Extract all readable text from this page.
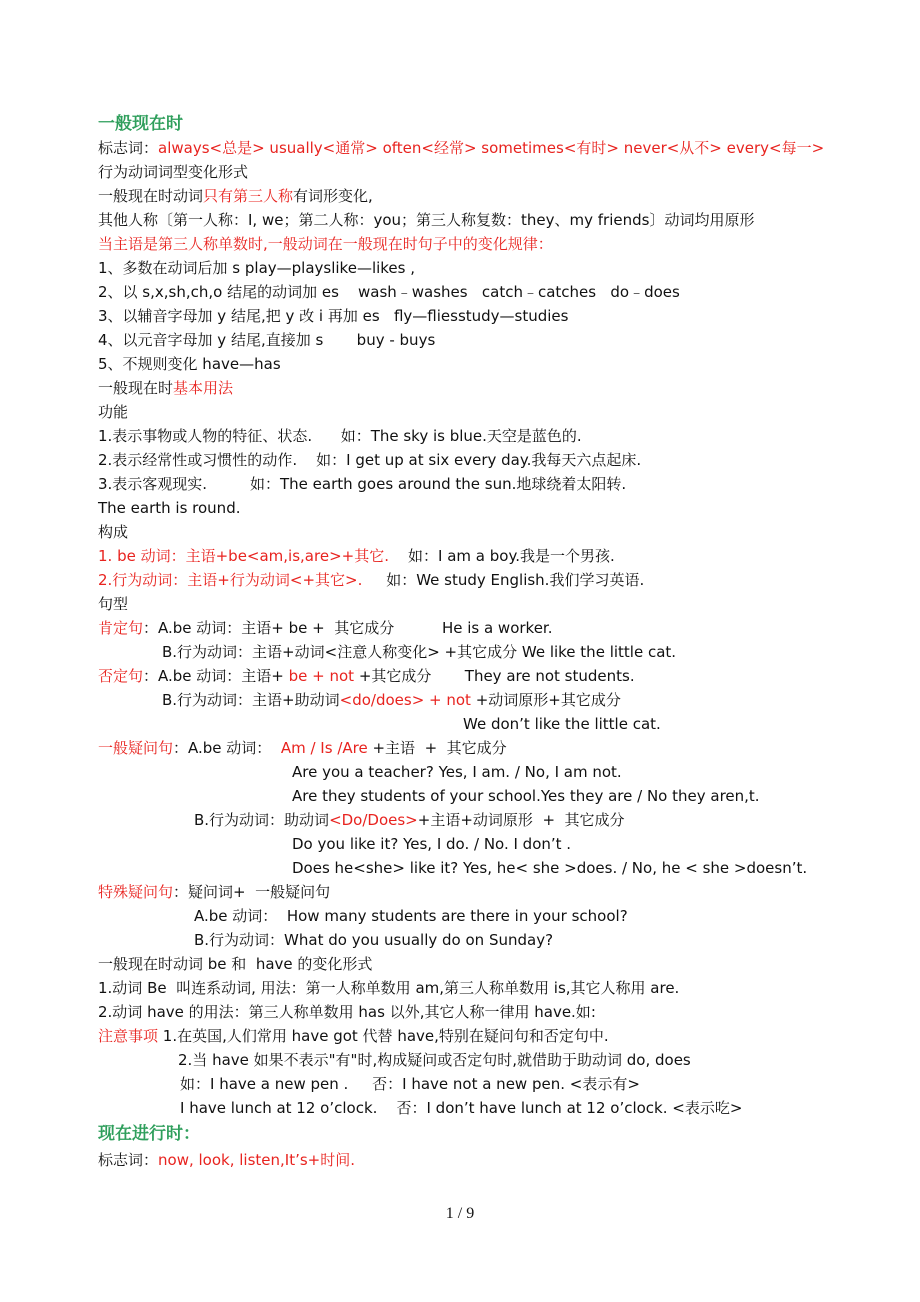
一般现在时
标志词：always<总是> usually<通常> often<经常> sometimes<有时> never<从不> every<每一>
行为动词词型变化形式
一般现在时动词只有第三人称有词形变化,
其他人称〔第一人称：I, we；第二人称：you；第三人称复数：they、my friends〕动词均用原形
当主语是第三人称单数时,一般动词在一般现在时句子中的变化规律：
1、多数在动词后加 s play—playslike—likes ,
2、以 s,x,sh,ch,o 结尾的动词加 es    wash﹣washes   catch﹣catches   do﹣does
3、以辅音字母加 y 结尾,把 y 改 i 再加 es   fly—fliesstudy—studies
4、以元音字母加 y 结尾,直接加 s       buy - buys
5、不规则变化 have—has
一般现在时基本用法
功能
1.表示事物或人物的特征、状态.      如：The sky is blue.天空是蓝色的.
2.表示经常性或习惯性的动作.    如：I get up at six every day.我每天六点起床.
3.表示客观现实.         如：The earth goes around the sun.地球绕着太阳转.
The earth is round.
构成
1. be 动词：主语+be<am,is,are>+其它.    如：I am a boy.我是一个男孩.
2.行为动词：主语+行为动词<+其它>.     如：We study English.我们学习英语.
句型
肯定句：A.be 动词：主语+ be +  其它成分          He is a worker.
B.行为动词：主语+动词<注意人称变化> +其它成分 We like the little cat.
否定句：A.be 动词：主语+ be + not +其它成分       They are not students.
B.行为动词：主语+助动词<do/does> + not +动词原形+其它成分
We don’t like the little cat.
一般疑问句：A.be 动词：  Am / Is /Are +主语  +  其它成分
Are you a teacher? Yes, I am. / No, I am not.
Are they students of your school.Yes they are / No they aren,t.
B.行为动词：助动词<Do/Does>+主语+动词原形  +  其它成分
Do you like it? Yes, I do. / No. I don’t .
Does he<she> like it? Yes, he< she >does. / No, he < she >doesn’t.
特殊疑问句：疑问词+  一般疑问句
A.be 动词：  How many students are there in your school?
B.行为动词：What do you usually do on Sunday?
一般现在时动词 be 和  have 的变化形式
1.动词 Be  叫连系动词, 用法：第一人称单数用 am,第三人称单数用 is,其它人称用 are.
2.动词 have 的用法：第三人称单数用 has 以外,其它人称一律用 have.如:
注意事项 1.在英国,人们常用 have got 代替 have,特别在疑问句和否定句中.
2.当 have 如果不表示"有"时,构成疑问或否定句时,就借助于助动词 do, does
如：I have a new pen .     否：I have not a new pen. <表示有>
I have lunch at 12 o’clock.    否：I don’t have lunch at 12 o’clock. <表示吃>
现在进行时：
标志词：now, look, listen,It’s+时间.
1 / 9
